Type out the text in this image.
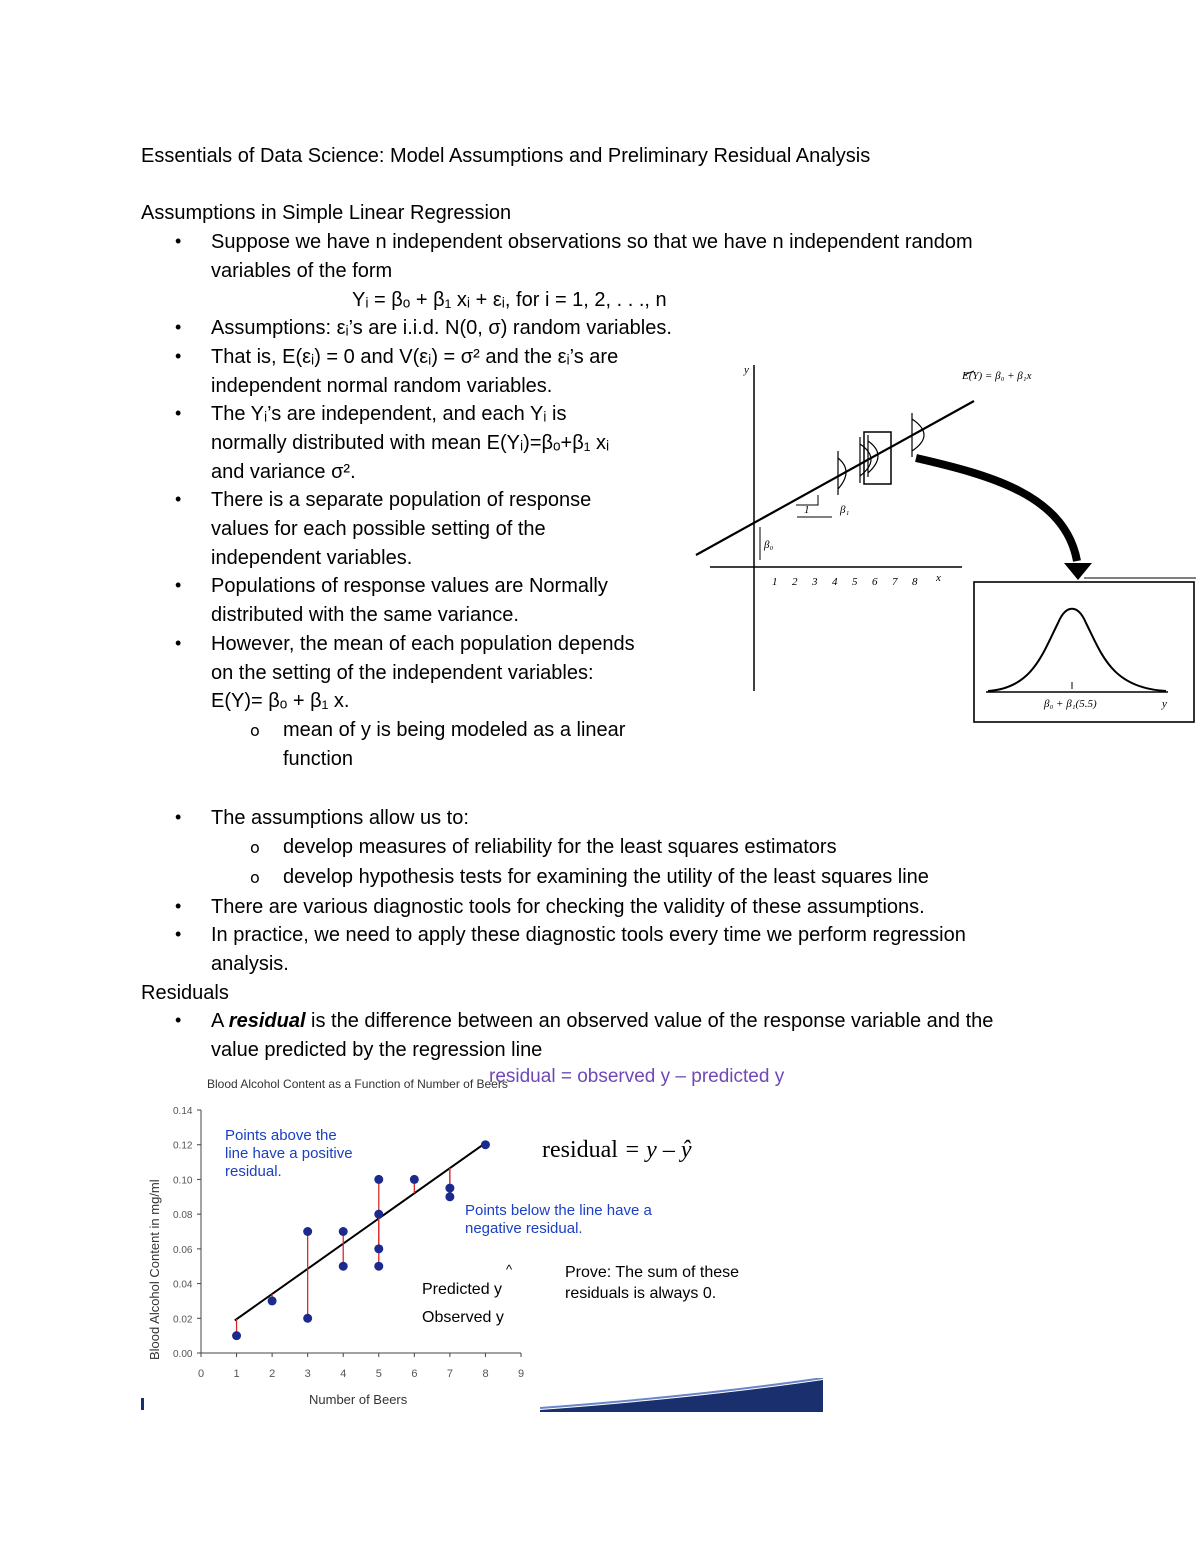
Essentials of Data Science: Model Assumptions and Preliminary Residual Analysis
Assumptions in Simple Linear Regression
Suppose we have n independent observations so that we have n independent random
•
variables of the form
Yᵢ = βₒ + β₁ xᵢ + εᵢ, for i = 1, 2, . . ., n
Assumptions: εᵢ’s are i.i.d. N(0, σ) random variables.
•
That is, E(εᵢ) = 0 and V(εᵢ) = σ² and the εᵢ’s are
•
independent normal random variables.
The Yᵢ’s are independent, and each Yᵢ is
•
normally distributed with mean E(Yᵢ)=βₒ+β₁ xᵢ
and variance σ².
There is a separate population of response
•
values for each possible setting of the
independent variables.
Populations of response values are Normally
•
distributed with the same variance.
However, the mean of each population depends
•
on the setting of the independent variables:
E(Y)= βₒ + β₁ x.
mean of y is being modeled as a linear
o
function
The assumptions allow us to:
•
develop measures of reliability for the least squares estimators
o
develop hypothesis tests for examining the utility of the least squares line
o
There are various diagnostic tools for checking the validity of these assumptions.
•
In practice, we need to apply these diagnostic tools every time we perform regression
•
analysis.
Residuals
• A residual is the difference between an observed value of the response variable and the
value predicted by the regression line
y
x
E(Y) = β₀ + β₁x
β₁
β₀
1
1 2 3 4 5 6 7 8
β₀ + β₁(5.5)	y
Blood Alcohol Content as a Function of Number of Beers
0.00
0.02
0.04
0.06
0.08
0.10
0.12
0.14
0	1	2	3	4	5	6	7	8	9
Number of Beers
Blood Alcohol Content in mg/ml
residual = observed y – predicted y
residual = y – ŷ
Points above the
line have a positive
residual.
Points below the line have a
negative residual.
^
Predicted y
Observed y
Prove: The sum of these
residuals is always 0.
